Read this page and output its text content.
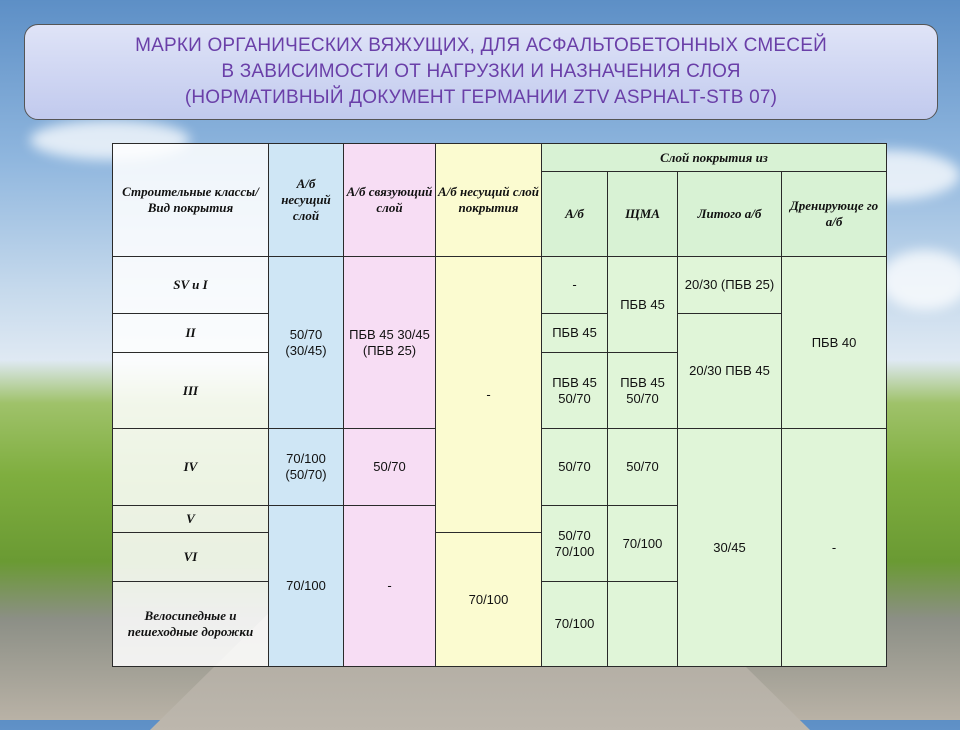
МАРКИ ОРГАНИЧЕСКИХ ВЯЖУЩИХ, ДЛЯ АСФАЛЬТОБЕТОННЫХ СМЕСЕЙ
В ЗАВИСИМОСТИ ОТ НАГРУЗКИ И НАЗНАЧЕНИЯ СЛОЯ
(НОРМАТИВНЫЙ ДОКУМЕНТ ГЕРМАНИИ ZTV ASPHALT-STB 07)
Строительные классы/Вид покрытия	А/б несущий слой	А/б связующий слой	А/б несущий слой покрытия	Слой покрытия из			
				А/б	ЩМА	Литого а/б	Дренирующе го а/б
SV и I	50/70 (30/45)	ПБВ 45 30/45 (ПБВ 25)	-	-	ПБВ 45	20/30 (ПБВ 25)	ПБВ 40
II				ПБВ 45		20/30 ПБВ 45	
III				ПБВ 45 50/70	ПБВ 45 50/70		
IV	70/100 (50/70)	50/70		50/70	50/70	30/45	-
V	70/100	-		50/70 70/100	70/100		
VI			70/100				
Велосипедные и пешеходные дорожки				70/100			
